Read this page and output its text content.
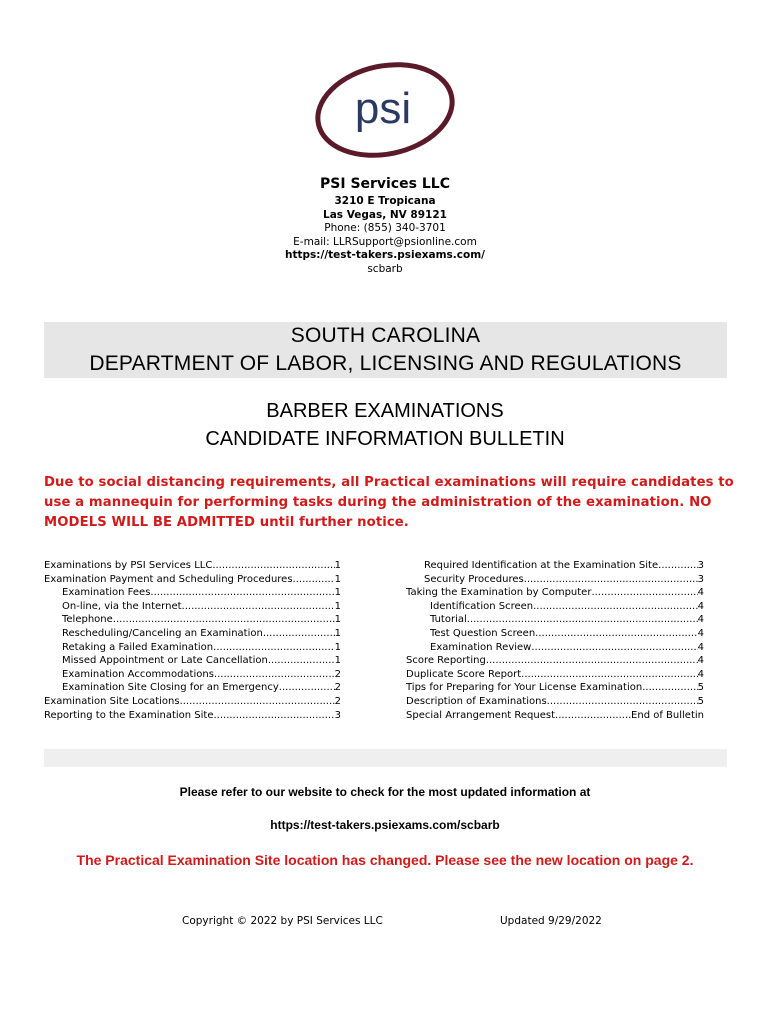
psi
PSI Services LLC
3210 E Tropicana
Las Vegas, NV 89121
Phone: (855) 340-3701
E-mail: LLRSupport@psionline.com
https://test-takers.psiexams.com/
scbarb
SOUTH CAROLINA
DEPARTMENT OF LABOR, LICENSING AND REGULATIONS
BARBER EXAMINATIONS
CANDIDATE INFORMATION BULLETIN
Due to social distancing requirements, all Practical examinations will require candidates to use a mannequin for performing tasks during the administration of the examination. NO MODELS WILL BE ADMITTED until further notice.
Examinations by PSI Services LLC .....	1
Examination Payment and Scheduling Procedures .....	1
Examination Fees .....	1
On-line, via the Internet .....	1
Telephone .....	1
Rescheduling/Canceling an Examination .....	1
Retaking a Failed Examination .....	1
Missed Appointment or Late Cancellation .....	1
Examination Accommodations .....	2
Examination Site Closing for an Emergency .....	2
Examination Site Locations .....	2
Reporting to the Examination Site .....	3
Required Identification at the Examination Site .....	3
Security Procedures .....	3
Taking the Examination by Computer .....	4
Identification Screen .....	4
Tutorial .....	4
Test Question Screen .....	4
Examination Review .....	4
Score Reporting .....	4
Duplicate Score Report .....	4
Tips for Preparing for Your License Examination .....	5
Description of Examinations .....	5
Special Arrangement Request .....	End of Bulletin
Please refer to our website to check for the most updated information at
https://test-takers.psiexams.com/scbarb
The Practical Examination Site location has changed. Please see the new location on page 2.
Copyright © 2022 by PSI Services LLC	Updated 9/29/2022
